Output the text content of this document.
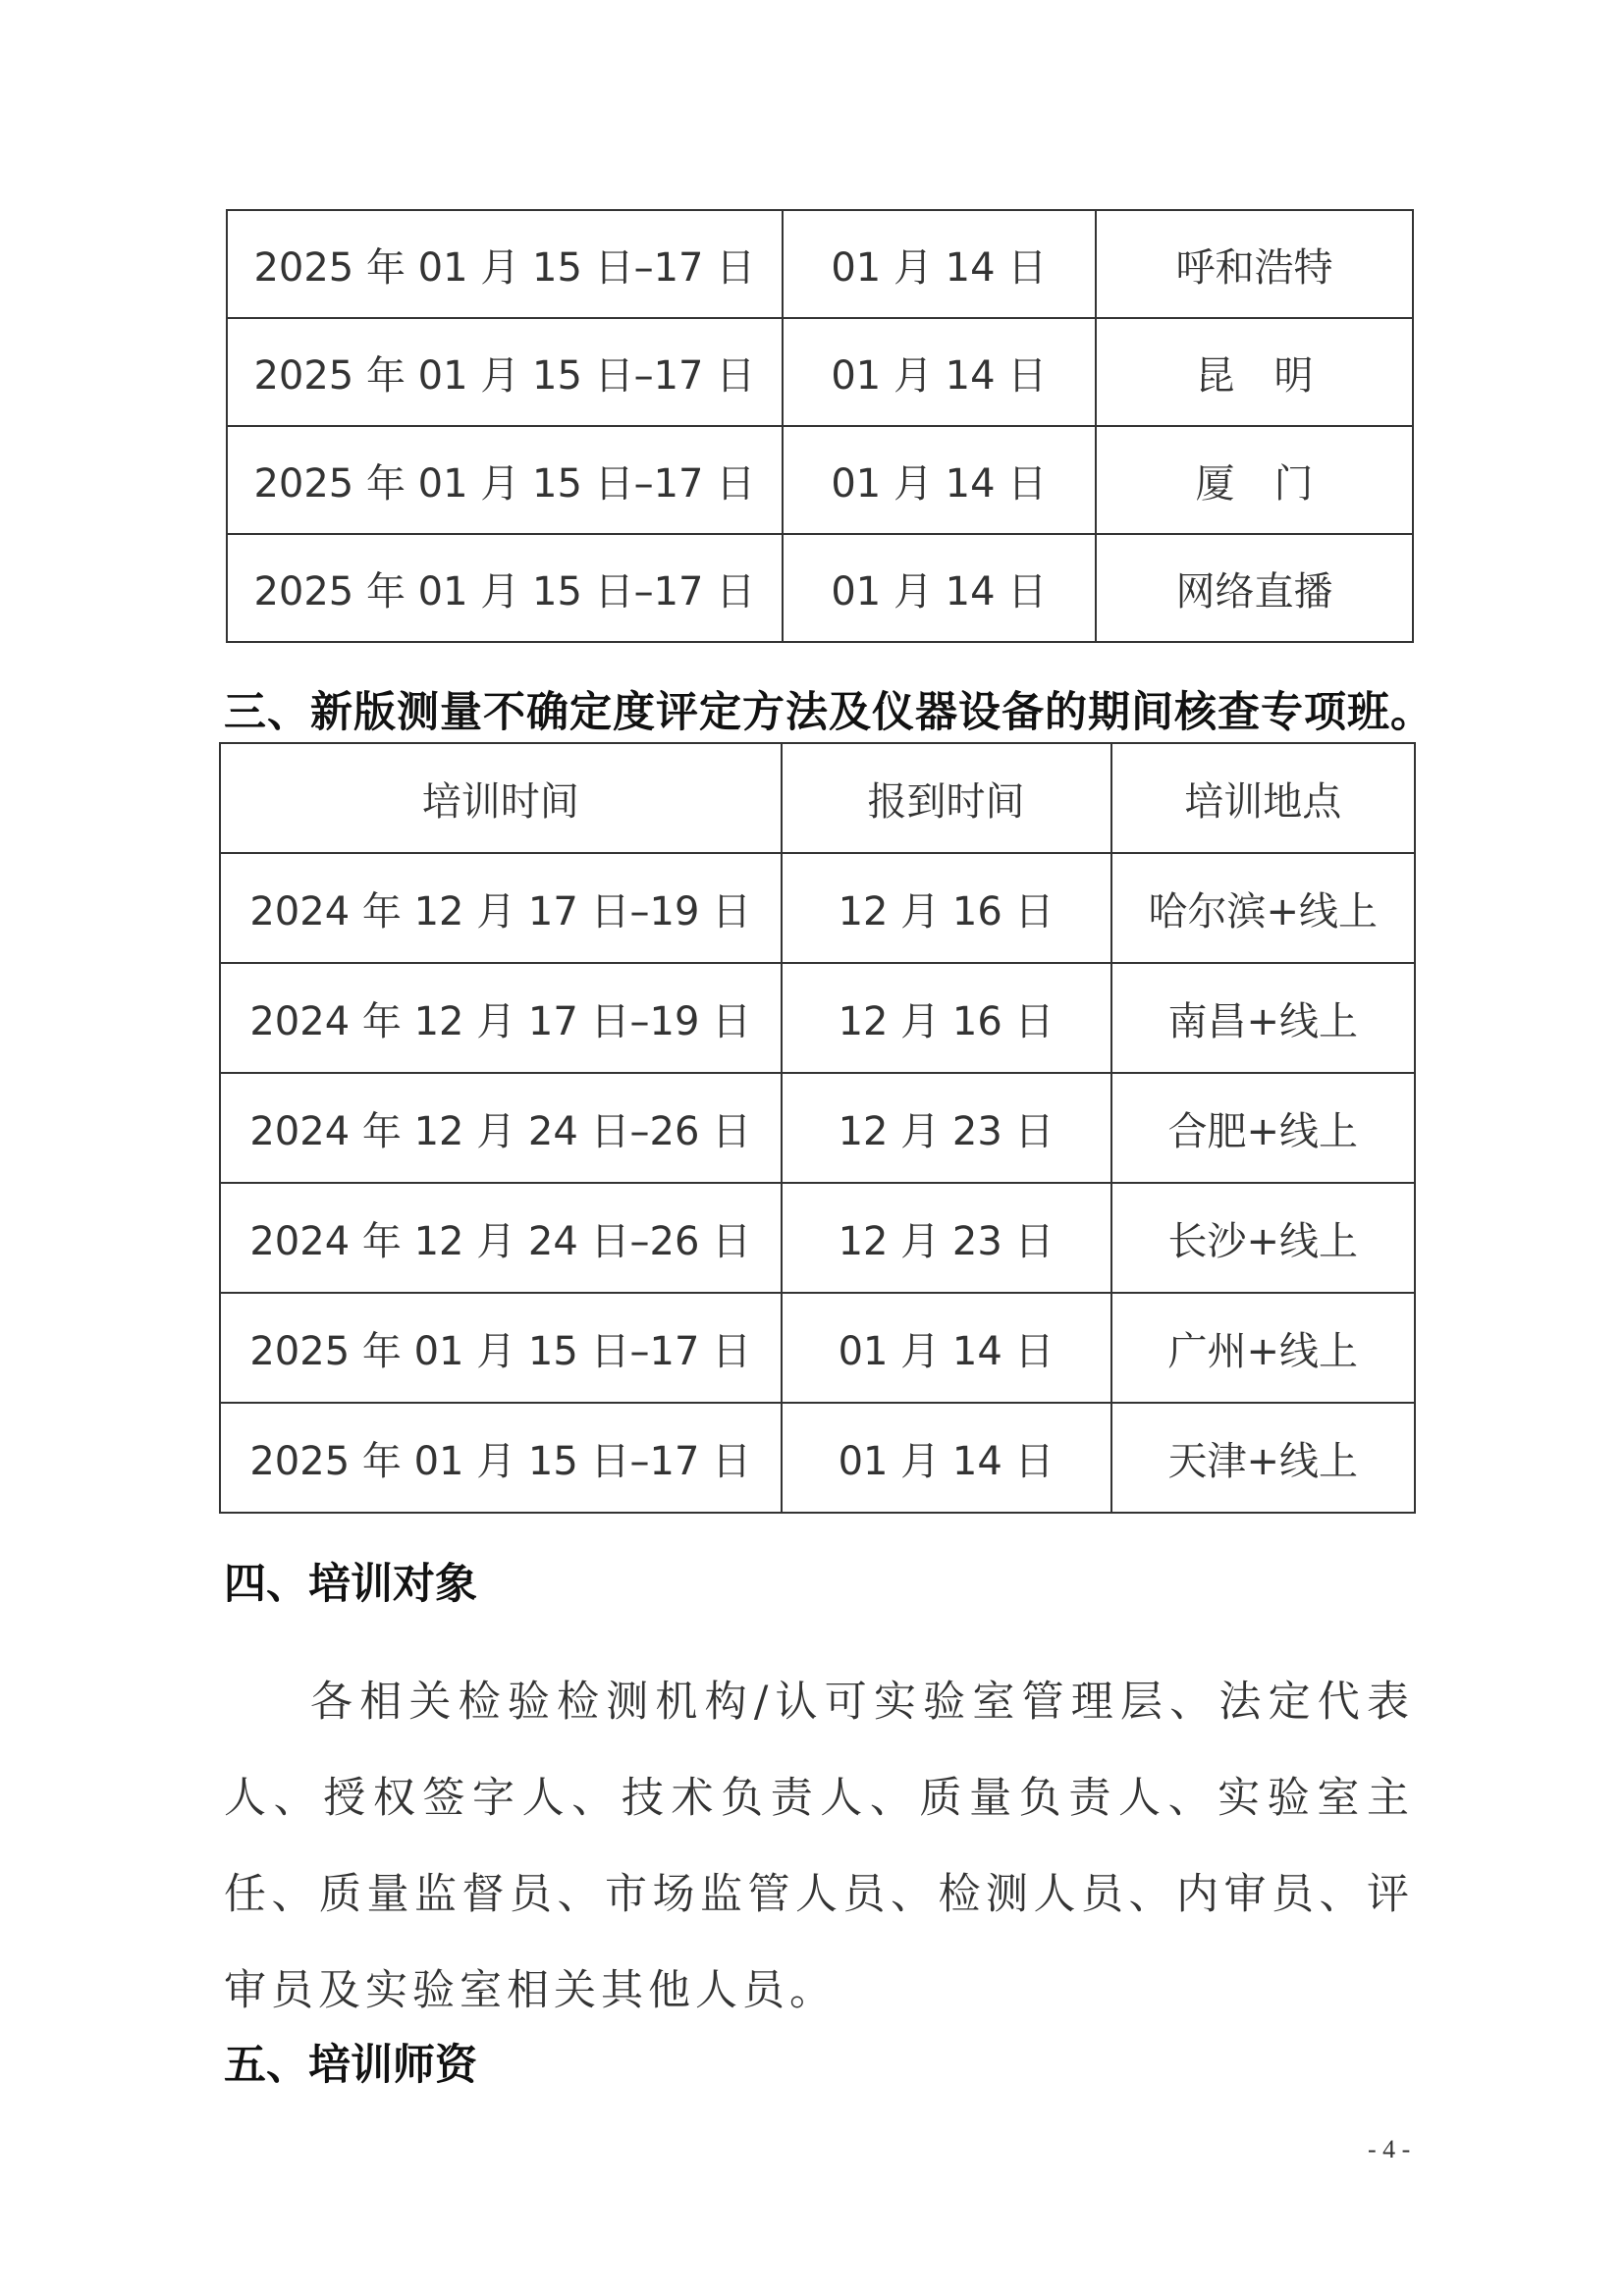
2025 年 01 月 15 日–17 日	01 月 14 日	呼和浩特
2025 年 01 月 15 日–17 日	01 月 14 日	昆　明
2025 年 01 月 15 日–17 日	01 月 14 日	厦　门
2025 年 01 月 15 日–17 日	01 月 14 日	网络直播
三、新版测量不确定度评定方法及仪器设备的期间核查专项班。
培训时间	报到时间	培训地点
2024 年 12 月 17 日–19 日	12 月 16 日	哈尔滨+线上
2024 年 12 月 17 日–19 日	12 月 16 日	南昌+线上
2024 年 12 月 24 日–26 日	12 月 23 日	合肥+线上
2024 年 12 月 24 日–26 日	12 月 23 日	长沙+线上
2025 年 01 月 15 日–17 日	01 月 14 日	广州+线上
2025 年 01 月 15 日–17 日	01 月 14 日	天津+线上
四、培训对象

各相关检验检测机构/认可实验室管理层、法定代表人、授权签字人、技术负责人、质量负责人、实验室主任、质量监督员、市场监管人员、检测人员、内审员、评审员及实验室相关其他人员。

五、培训师资
- 4 -
